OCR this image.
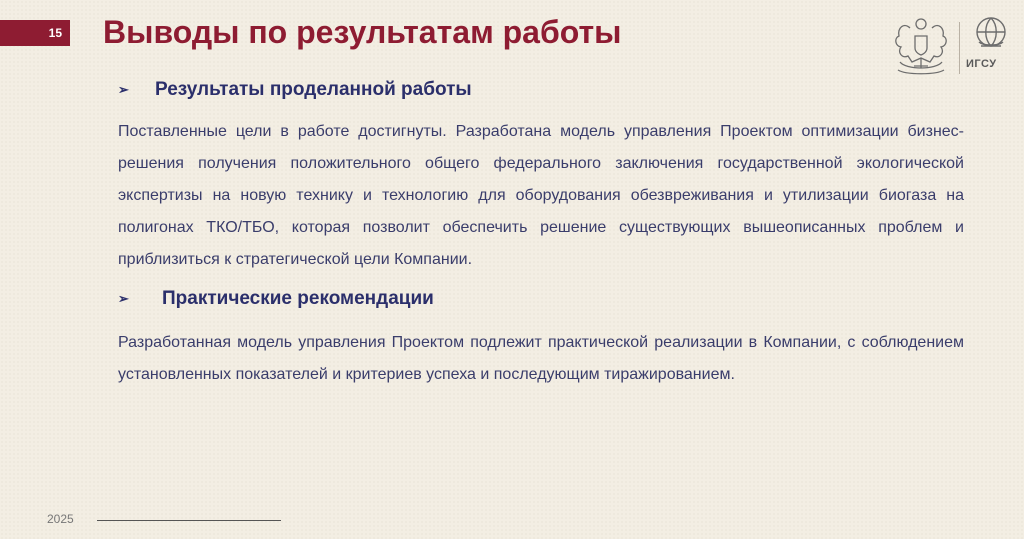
15 Выводы по результатам работы
ИГСУ
➢	Результаты проделанной работы

Поставленные цели в работе достигнуты. Разработана модель управления Проектом оптимизации бизнес-решения получения положительного общего федерального заключения государственной экологической экспертизы на новую технику и технологию для оборудования обезвреживания и утилизации биогаза на полигонах ТКО/ТБО, которая позволит обеспечить решение существующих вышеописанных проблем и приблизиться к стратегической цели Компании.

➢	Практические рекомендации

Разработанная модель управления Проектом подлежит практической реализации в Компании, с соблюдением установленных показателей и критериев успеха и последующим тиражированием.

2025
